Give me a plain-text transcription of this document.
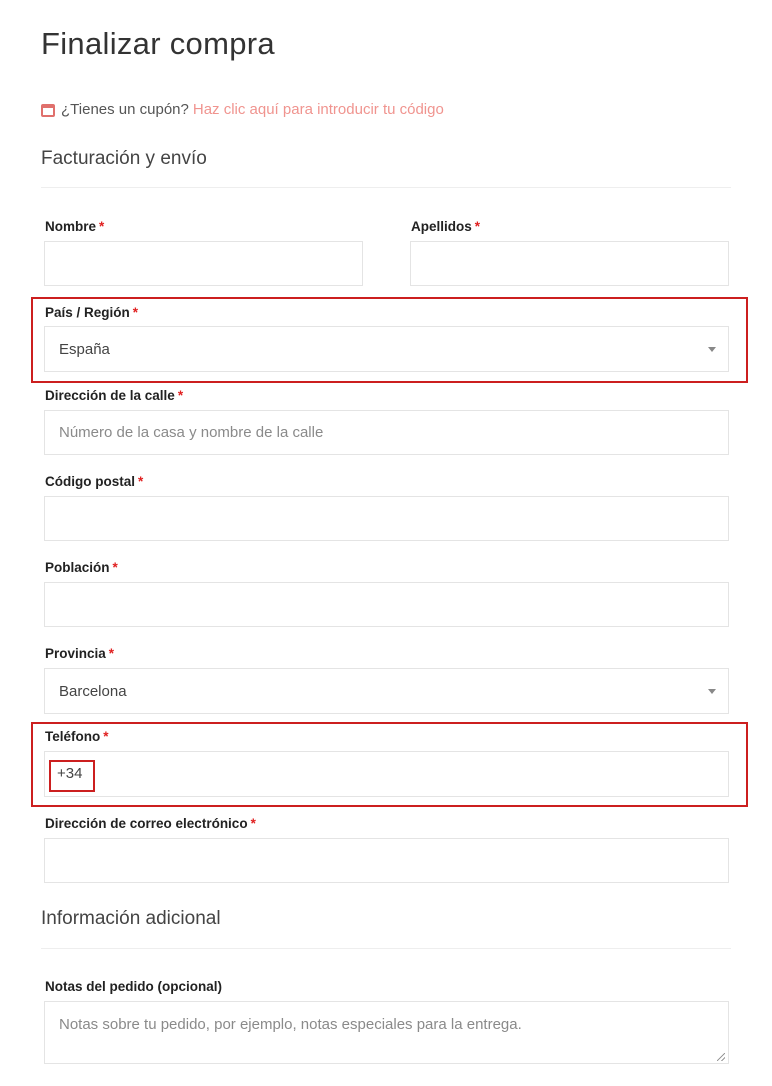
Finalizar compra
¿Tienes un cupón? Haz clic aquí para introducir tu código
Facturación y envío
Nombre *	Apellidos *
País / Región *
España
Dirección de la calle *
Número de la casa y nombre de la calle
Código postal *
Población *
Provincia *
Barcelona
Teléfono *
+34
Dirección de correo electrónico *
Información adicional
Notas del pedido (opcional)
Notas sobre tu pedido, por ejemplo, notas especiales para la entrega.
